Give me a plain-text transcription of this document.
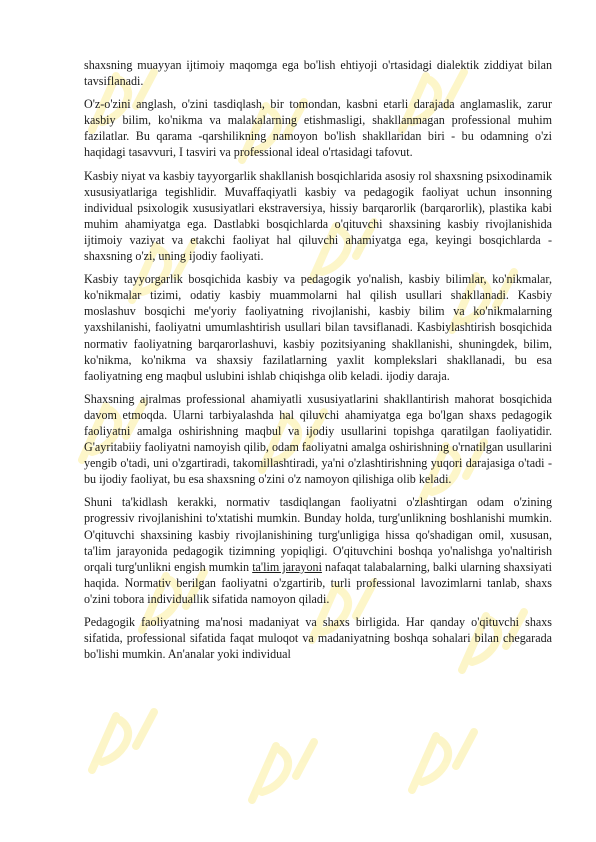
shaxsning muayyan ijtimoiy maqomga ega bo'lish ehtiyoji o'rtasidagi dialektik ziddiyat bilan tavsiflanadi.

O'z-o'zini anglash, o'zini tasdiqlash, bir tomondan, kasbni etarli darajada anglamaslik, zarur kasbiy bilim, ko'nikma va malakalarning etishmasligi, shakllanmagan professional muhim fazilatlar. Bu qarama -qarshilikning namoyon bo'lish shakllaridan biri - bu odamning o'zi haqidagi tasavvuri, I tasviri va professional ideal o'rtasidagi tafovut.

Kasbiy niyat va kasbiy tayyorgarlik shakllanish bosqichlarida asosiy rol shaxsning psixodinamik xususiyatlariga tegishlidir. Muvaffaqiyatli kasbiy va pedagogik faoliyat uchun insonning individual psixologik xususiyatlari ekstraversiya, hissiy barqarorlik (barqarorlik), plastika kabi muhim ahamiyatga ega. Dastlabki bosqichlarda o'qituvchi shaxsining kasbiy rivojlanishida ijtimoiy vaziyat va etakchi faoliyat hal qiluvchi ahamiyatga ega, keyingi bosqichlarda - shaxsning o'zi, uning ijodiy faoliyati.

Kasbiy tayyorgarlik bosqichida kasbiy va pedagogik yo'nalish, kasbiy bilimlar, ko'nikmalar, ko'nikmalar tizimi, odatiy kasbiy muammolarni hal qilish usullari shakllanadi. Kasbiy moslashuv bosqichi me'yoriy faoliyatning rivojlanishi, kasbiy bilim va ko'nikmalarning yaxshilanishi, faoliyatni umumlashtirish usullari bilan tavsiflanadi. Kasbiylashtirish bosqichida normativ faoliyatning barqarorlashuvi, kasbiy pozitsiyaning shakllanishi, shuningdek, bilim, ko'nikma, ko'nikma va shaxsiy fazilatlarning yaxlit komplekslari shakllanadi, bu esa faoliyatning eng maqbul uslubini ishlab chiqishga olib keladi. ijodiy daraja.

Shaxsning ajralmas professional ahamiyatli xususiyatlarini shakllantirish mahorat bosqichida davom etmoqda. Ularni tarbiyalashda hal qiluvchi ahamiyatga ega bo'lgan shaxs pedagogik faoliyatni amalga oshirishning maqbul va ijodiy usullarini topishga qaratilgan faoliyatidir. G'ayritabiiy faoliyatni namoyish qilib, odam faoliyatni amalga oshirishning o'rnatilgan usullarini yengib o'tadi, uni o'zgartiradi, takomillashtiradi, ya'ni o'zlashtirishning yuqori darajasiga o'tadi - bu ijodiy faoliyat, bu esa shaxsning o'zini o'z namoyon qilishiga olib keladi.

Shuni ta'kidlash kerakki, normativ tasdiqlangan faoliyatni o'zlashtirgan odam o'zining progressiv rivojlanishini to'xtatishi mumkin. Bunday holda, turg'unlikning boshlanishi mumkin. O'qituvchi shaxsining kasbiy rivojlanishining turg'unligiga hissa qo'shadigan omil, xususan, ta'lim jarayonida pedagogik tizimning yopiqligi. O'qituvchini boshqa yo'nalishga yo'naltirish orqali turg'unlikni engish mumkin ta'lim jarayoni nafaqat talabalarning, balki ularning shaxsiyati haqida. Normativ berilgan faoliyatni o'zgartirib, turli professional lavozimlarni tanlab, shaxs o'zini tobora individuallik sifatida namoyon qiladi.

Pedagogik faoliyatning ma'nosi madaniyat va shaxs birligida. Har qanday o'qituvchi shaxs sifatida, professional sifatida faqat muloqot va madaniyatning boshqa sohalari bilan chegarada bo'lishi mumkin. An'analar yoki individual
